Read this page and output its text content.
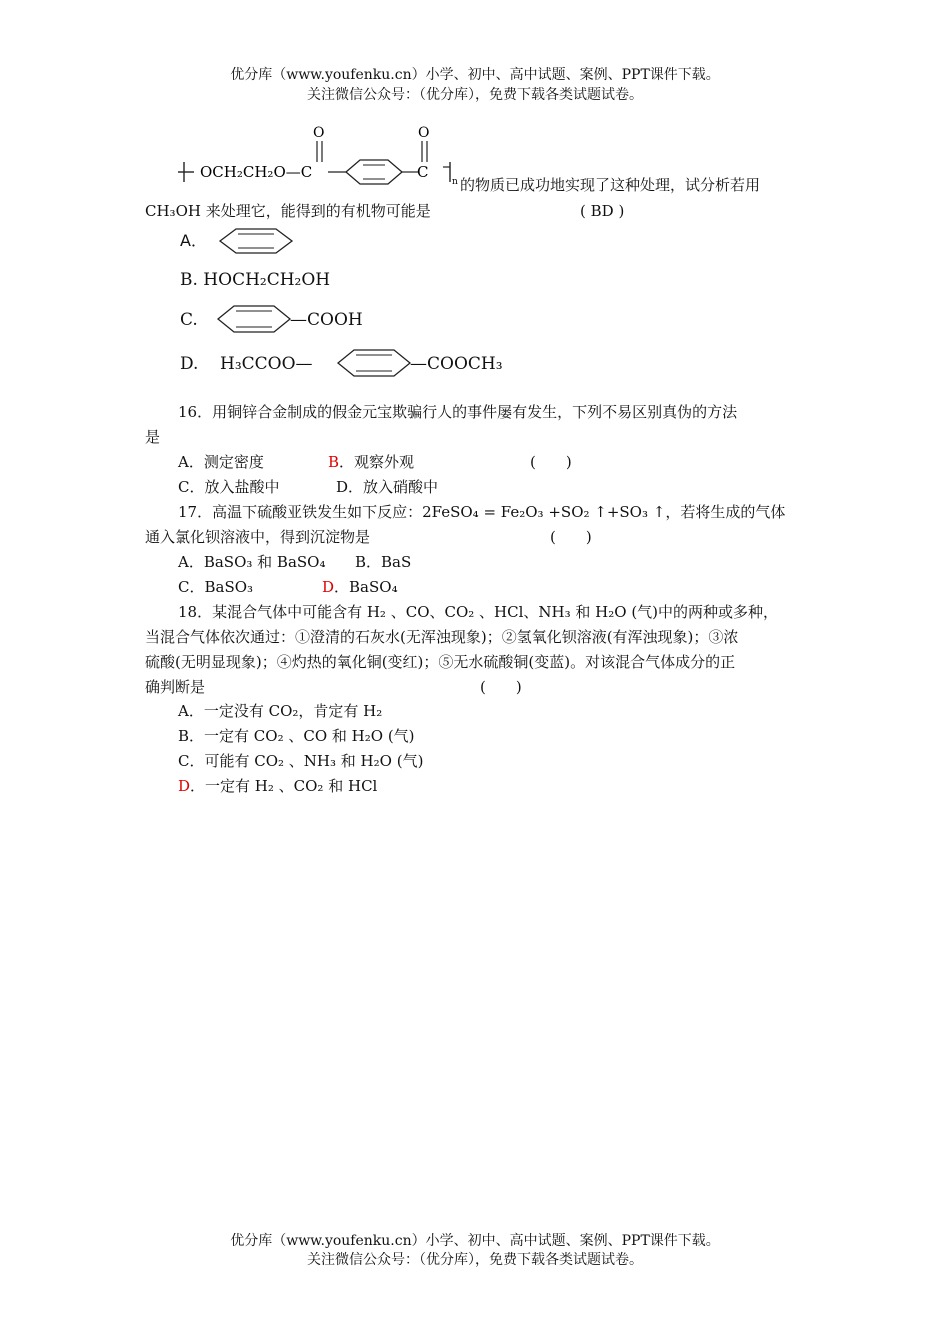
优分库（www.youfenku.cn）小学、初中、高中试题、案例、PPT课件下载。
关注微信公众号：（优分库），免费下载各类试题试卷。
OCH₂CH₂O—C
O	O
C
n 的物质已成功地实现了这种处理，试分析若用
CH₃OH 来处理它，能得到的有机物可能是	( BD )
A．
B. HOCH₂CH₂OH
C.	—COOH
D. H₃CCOO—	—COOCH₃
16．用铜锌合金制成的假金元宝欺骗行人的事件屡有发生，下列不易区别真伪的方法
是
A．测定密度	B．观察外观	(　　)
C．放入盐酸中	D．放入硝酸中
17．高温下硫酸亚铁发生如下反应：2FeSO₄ = Fe₂O₃ +SO₂ ↑+SO₃ ↑，若将生成的气体
通入氯化钡溶液中，得到沉淀物是	(　　)
A．BaSO₃ 和 BaSO₄ B．BaS
C．BaSO₃	D．BaSO₄
18．某混合气体中可能含有 H₂ 、CO、CO₂ 、HCl、NH₃ 和 H₂O (气)中的两种或多种，
当混合气体依次通过：①澄清的石灰水(无浑浊现象)；②氢氧化钡溶液(有浑浊现象)；③浓
硫酸(无明显现象)；④灼热的氧化铜(变红)；⑤无水硫酸铜(变蓝)。对该混合气体成分的正
确判断是	(　　)
A．一定没有 CO₂，肯定有 H₂
B．一定有 CO₂ 、CO 和 H₂O (气)
C．可能有 CO₂ 、NH₃ 和 H₂O (气)
D．一定有 H₂ 、CO₂ 和 HCl
优分库（www.youfenku.cn）小学、初中、高中试题、案例、PPT课件下载。
关注微信公众号：（优分库），免费下载各类试题试卷。
